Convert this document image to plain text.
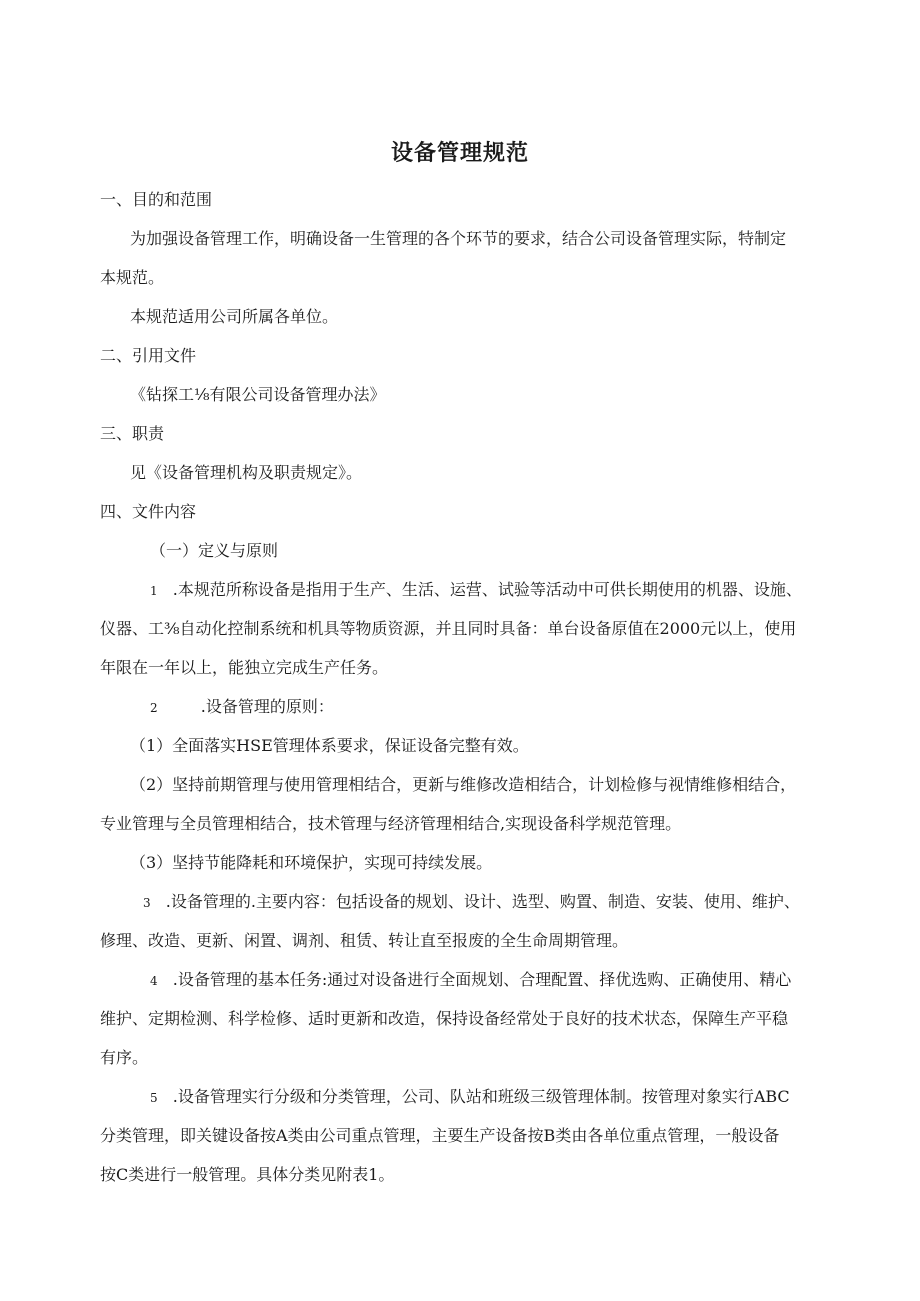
设备管理规范

一、目的和范围

为加强设备管理工作，明确设备一生管理的各个环节的要求，结合公司设备管理实际，特制定

本规范。

本规范适用公司所属各单位。

二、引用文件

《钻探工⅛有限公司设备管理办法》

三、职责

见《设备管理机构及职责规定》。

四、文件内容

（一）定义与原则

1 .本规范所称设备是指用于生产、生活、运营、试验等活动中可供长期使用的机器、设施、

仪器、工⅜自动化控制系统和机具等物质资源，并且同时具备：单台设备原值在2000元以上，使用

年限在一年以上，能独立完成生产任务。

2	.设备管理的原则：

（1）全面落实HSE管理体系要求，保证设备完整有效。

（2）坚持前期管理与使用管理相结合，更新与维修改造相结合，计划检修与视情维修相结合，

专业管理与全员管理相结合，技术管理与经济管理相结合,实现设备科学规范管理。

（3）坚持节能降耗和环境保护，实现可持续发展。

3 .设备管理的.主要内容：包括设备的规划、设计、选型、购置、制造、安装、使用、维护、

修理、改造、更新、闲置、调剂、租赁、转让直至报废的全生命周期管理。

4 .设备管理的基本任务:通过对设备进行全面规划、合理配置、择优选购、正确使用、精心

维护、定期检测、科学检修、适时更新和改造，保持设备经常处于良好的技术状态，保障生产平稳

有序。

5 .设备管理实行分级和分类管理，公司、队站和班级三级管理体制。按管理对象实行ABC

分类管理，即关键设备按A类由公司重点管理，主要生产设备按B类由各单位重点管理，一般设备

按C类进行一般管理。具体分类见附表1。
